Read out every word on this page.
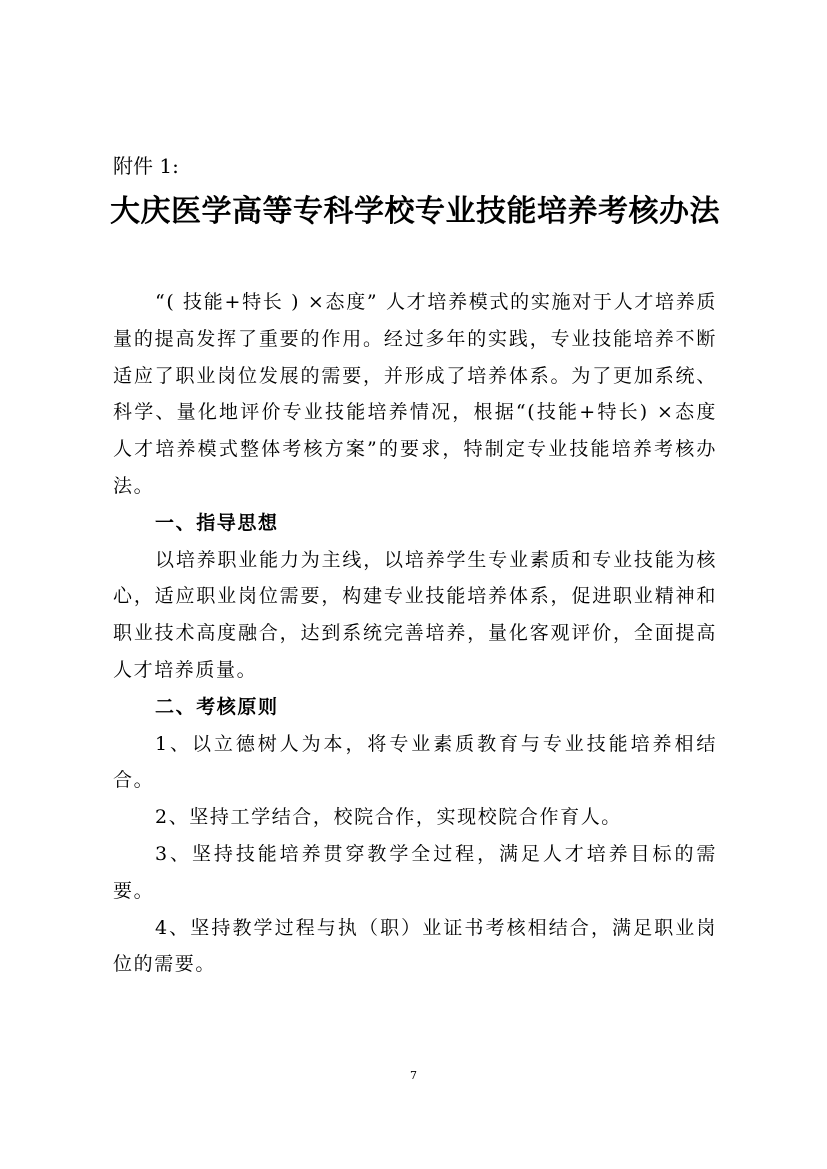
附件 1:
大庆医学高等专科学校专业技能培养考核办法

“( 技能+特长 ) ×态度” 人才培养模式的实施对于人才培养质量的提高发挥了重要的作用。经过多年的实践，专业技能培养不断适应了职业岗位发展的需要，并形成了培养体系。为了更加系统、科学、量化地评价专业技能培养情况，根据“(技能+特长) ×态度人才培养模式整体考核方案”的要求，特制定专业技能培养考核办法。

一、指导思想

以培养职业能力为主线，以培养学生专业素质和专业技能为核心，适应职业岗位需要，构建专业技能培养体系，促进职业精神和职业技术高度融合，达到系统完善培养，量化客观评价，全面提高人才培养质量。

二、考核原则

1、以立德树人为本，将专业素质教育与专业技能培养相结合。

2、坚持工学结合，校院合作，实现校院合作育人。

3、坚持技能培养贯穿教学全过程，满足人才培养目标的需要。

4、坚持教学过程与执（职）业证书考核相结合，满足职业岗位的需要。

7
